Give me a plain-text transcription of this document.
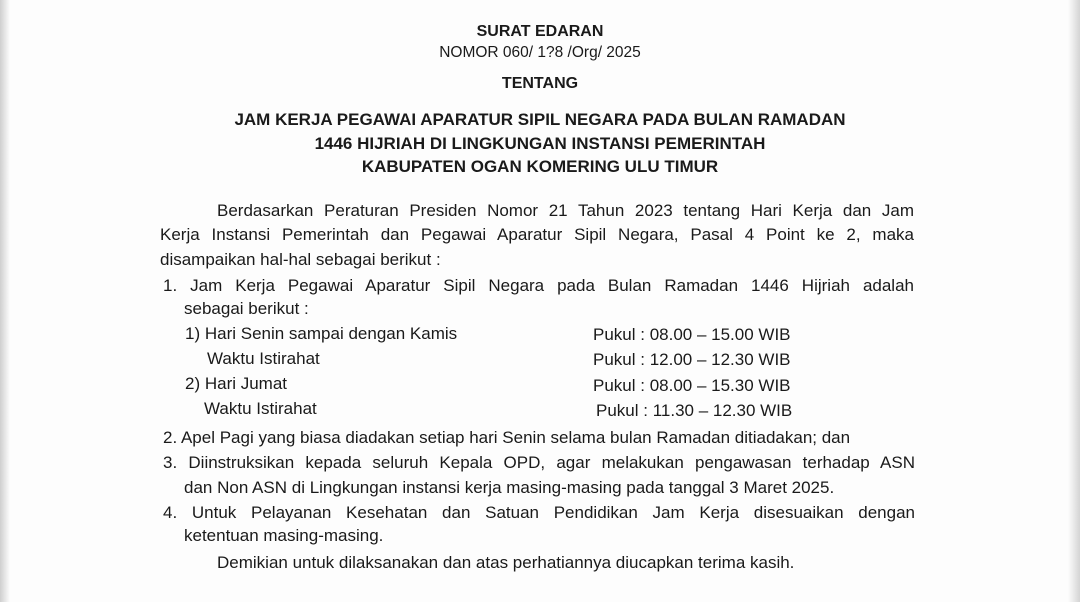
SURAT EDARAN
NOMOR 060/ 1?8 /Org/ 2025
TENTANG
JAM KERJA PEGAWAI APARATUR SIPIL NEGARA PADA BULAN RAMADAN
1446 HIJRIAH DI LINGKUNGAN INSTANSI PEMERINTAH
KABUPATEN OGAN KOMERING ULU TIMUR
Berdasarkan Peraturan Presiden Nomor 21 Tahun 2023 tentang Hari Kerja dan Jam
Kerja Instansi Pemerintah dan Pegawai Aparatur Sipil Negara, Pasal 4 Point ke 2, maka
disampaikan hal-hal sebagai berikut :
1. Jam Kerja Pegawai Aparatur Sipil Negara pada Bulan Ramadan 1446 Hijriah adalah
sebagai berikut :
1) Hari Senin sampai dengan Kamis	Pukul : 08.00 – 15.00 WIB
Waktu Istirahat	Pukul : 12.00 – 12.30 WIB
2) Hari Jumat	Pukul : 08.00 – 15.30 WIB
Waktu Istirahat	Pukul : 11.30 – 12.30 WIB
2. Apel Pagi yang biasa diadakan setiap hari Senin selama bulan Ramadan ditiadakan; dan
3. Diinstruksikan kepada seluruh Kepala OPD, agar melakukan pengawasan terhadap ASN
dan Non ASN di Lingkungan instansi kerja masing-masing pada tanggal 3 Maret 2025.
4. Untuk Pelayanan Kesehatan dan Satuan Pendidikan Jam Kerja disesuaikan dengan
ketentuan masing-masing.
Demikian untuk dilaksanakan dan atas perhatiannya diucapkan terima kasih.
